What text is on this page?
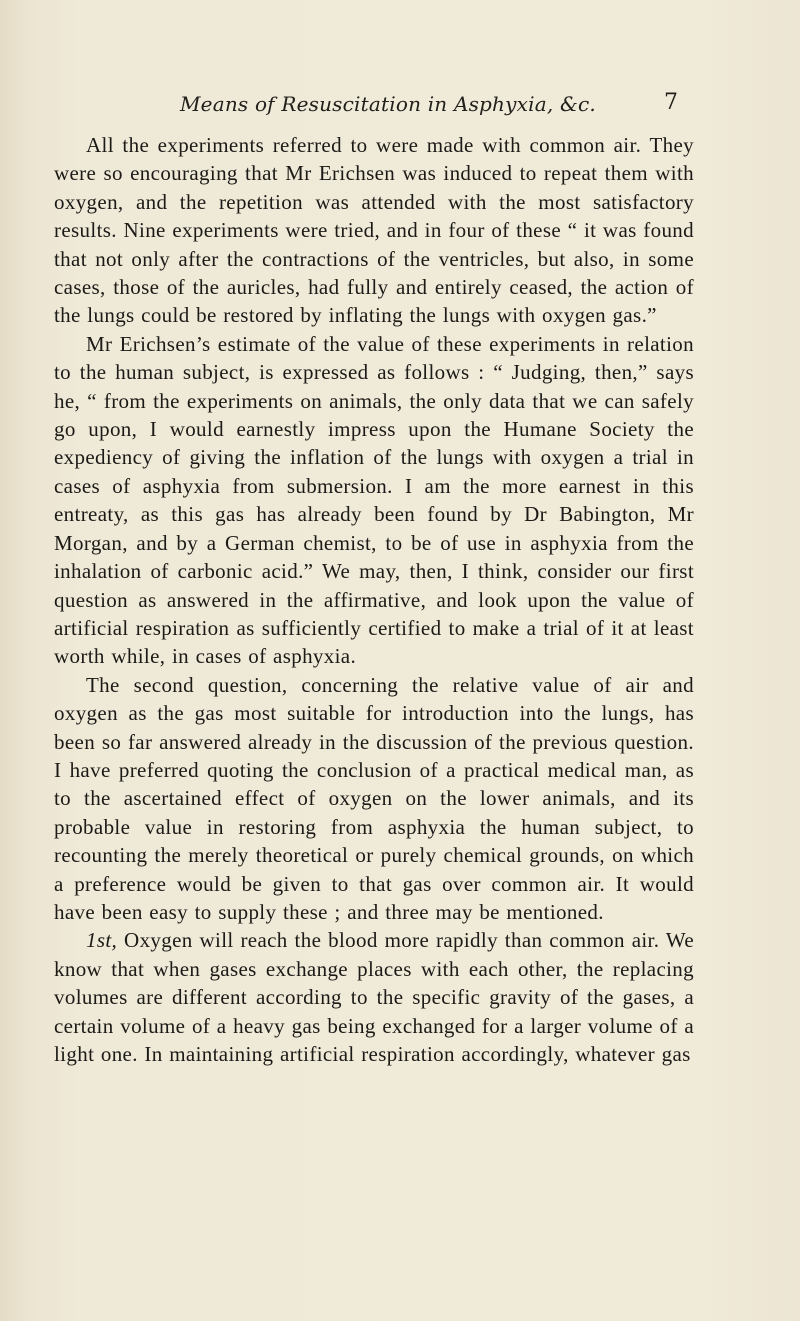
Means of Resuscitation in Asphyxia, &c.	7

All the experiments referred to were made with common air. They were so encouraging that Mr Erichsen was induced to repeat them with oxygen, and the repetition was attended with the most satisfactory results. Nine experiments were tried, and in four of these “ it was found that not only after the contractions of the ventricles, but also, in some cases, those of the auricles, had fully and entirely ceased, the action of the lungs could be restored by inflating the lungs with oxygen gas.”

Mr Erichsen’s estimate of the value of these experiments in relation to the human subject, is expressed as follows : “ Judging, then,” says he, “ from the experiments on animals, the only data that we can safely go upon, I would earnestly impress upon the Humane Society the expediency of giving the inflation of the lungs with oxygen a trial in cases of asphyxia from submersion. I am the more earnest in this entreaty, as this gas has already been found by Dr Babington, Mr Morgan, and by a German chemist, to be of use in asphyxia from the inhalation of carbonic acid.” We may, then, I think, consider our first question as answered in the affirmative, and look upon the value of artificial respiration as sufficiently certified to make a trial of it at least worth while, in cases of asphyxia.

The second question, concerning the relative value of air and oxygen as the gas most suitable for introduction into the lungs, has been so far answered already in the discussion of the previous question. I have preferred quoting the conclusion of a practical medical man, as to the ascertained effect of oxygen on the lower animals, and its probable value in restoring from asphyxia the human subject, to recounting the merely theoretical or purely chemical grounds, on which a preference would be given to that gas over common air. It would have been easy to supply these ; and three may be mentioned.

1st, Oxygen will reach the blood more rapidly than common air. We know that when gases exchange places with each other, the replacing volumes are different according to the specific gravity of the gases, a certain volume of a heavy gas being exchanged for a larger volume of a light one. In maintaining artificial respiration accordingly, whatever gas
